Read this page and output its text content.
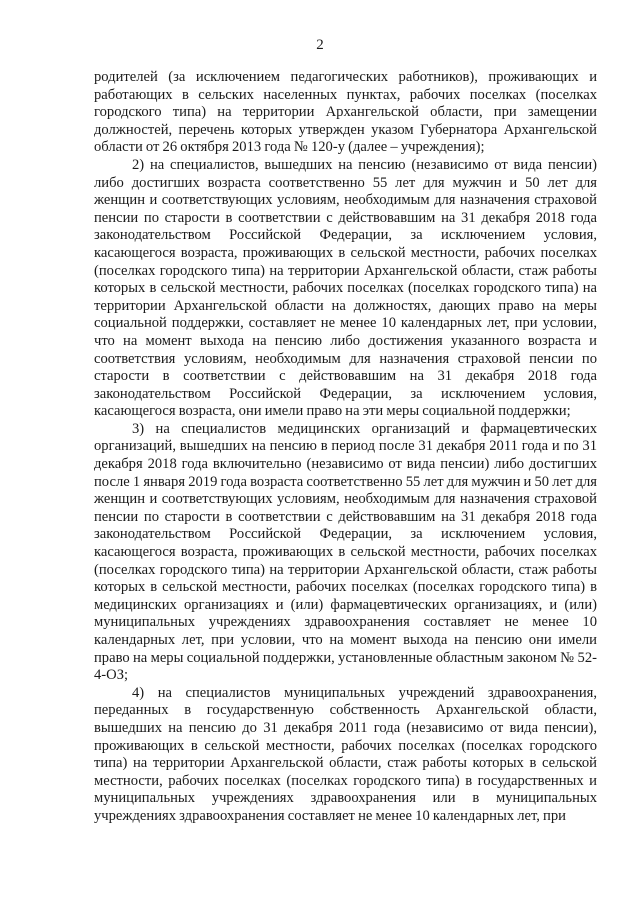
2

родителей (за исключением педагогических работников), проживающих и работающих в сельских населенных пунктах, рабочих поселках (поселках городского типа) на территории Архангельской области, при замещении должностей, перечень которых утвержден указом Губернатора Архангельской области от 26 октября 2013 года № 120-у (далее – учреждения);

2) на специалистов, вышедших на пенсию (независимо от вида пенсии) либо достигших возраста соответственно 55 лет для мужчин и 50 лет для женщин и соответствующих условиям, необходимым для назначения страховой пенсии по старости в соответствии с действовавшим на 31 декабря 2018 года законодательством Российской Федерации, за исключением условия, касающегося возраста, проживающих в сельской местности, рабочих поселках (поселках городского типа) на территории Архангельской области, стаж работы которых в сельской местности, рабочих поселках (поселках городского типа) на территории Архангельской области на должностях, дающих право на меры социальной поддержки, составляет не менее 10 календарных лет, при условии, что на момент выхода на пенсию либо достижения указанного возраста и соответствия условиям, необходимым для назначения страховой пенсии по старости в соответствии с действовавшим на 31 декабря 2018 года законодательством Российской Федерации, за исключением условия, касающегося возраста, они имели право на эти меры социальной поддержки;

3) на специалистов медицинских организаций и фармацевтических организаций, вышедших на пенсию в период после 31 декабря 2011 года и по 31 декабря 2018 года включительно (независимо от вида пенсии) либо достигших после 1 января 2019 года возраста соответственно 55 лет для мужчин и 50 лет для женщин и соответствующих условиям, необходимым для назначения страховой пенсии по старости в соответствии с действовавшим на 31 декабря 2018 года законодательством Российской Федерации, за исключением условия, касающегося возраста, проживающих в сельской местности, рабочих поселках (поселках городского типа) на территории Архангельской области, стаж работы которых в сельской местности, рабочих поселках (поселках городского типа) в медицинских организациях и (или) фармацевтических организациях, и (или) муниципальных учреждениях здравоохранения составляет не менее 10 календарных лет, при условии, что на момент выхода на пенсию они имели право на меры социальной поддержки, установленные областным законом № 52-4-ОЗ;

4) на специалистов муниципальных учреждений здравоохранения, переданных в государственную собственность Архангельской области, вышедших на пенсию до 31 декабря 2011 года (независимо от вида пенсии), проживающих в сельской местности, рабочих поселках (поселках городского типа) на территории Архангельской области, стаж работы которых в сельской местности, рабочих поселках (поселках городского типа) в государственных и муниципальных учреждениях здравоохранения или в муниципальных учреждениях здравоохранения составляет не менее 10 календарных лет, при
